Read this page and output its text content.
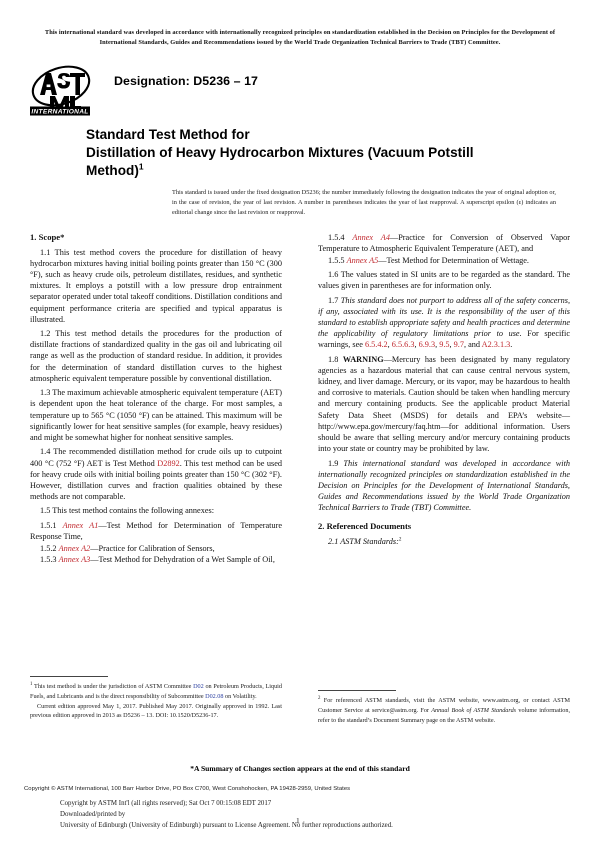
This international standard was developed in accordance with internationally recognized principles on standardization established in the Decision on Principles for the Development of International Standards, Guides and Recommendations issued by the World Trade Organization Technical Barriers to Trade (TBT) Committee.
INTERNATIONAL
Designation: D5236 – 17
Standard Test Method for
Distillation of Heavy Hydrocarbon Mixtures (Vacuum Potstill
Method)$^1$
This standard is issued under the fixed designation D5236; the number immediately following the designation indicates the year of original adoption or, in the case of revision, the year of last revision. A number in parentheses indicates the year of last reapproval. A superscript epsilon (ε) indicates an editorial change since the last revision or reapproval.
1. Scope*

1.1 This test method covers the procedure for distillation of heavy hydrocarbon mixtures having initial boiling points greater than 150 °C (300 °F), such as heavy crude oils, petroleum distillates, residues, and synthetic mixtures. It employs a potstill with a low pressure drop entrainment separator operated under total takeoff conditions. Distillation conditions and equipment performance criteria are specified and typical apparatus is illustrated.

1.2 This test method details the procedures for the production of distillate fractions of standardized quality in the gas oil and lubricating oil range as well as the production of standard residue. In addition, it provides for the determination of standard distillation curves to the highest atmospheric equivalent temperature possible by conventional distillation.

1.3 The maximum achievable atmospheric equivalent temperature (AET) is dependent upon the heat tolerance of the charge. For most samples, a temperature up to 565 °C (1050 °F) can be attained. This maximum will be significantly lower for heat sensitive samples (for example, heavy residues) and might be somewhat higher for nonheat sensitive samples.

1.4 The recommended distillation method for crude oils up to cutpoint 400 °C (752 °F) AET is Test Method D2892. This test method can be used for heavy crude oils with initial boiling points greater than 150 °C (302 °F). However, distillation curves and fraction qualities obtained by these methods are not comparable.

1.5 This test method contains the following annexes:

1.5.1 Annex A1—Test Method for Determination of Temperature Response Time,

1.5.2 Annex A2—Practice for Calibration of Sensors,

1.5.3 Annex A3—Test Method for Dehydration of a Wet Sample of Oil,

1.5.4 Annex A4—Practice for Conversion of Observed Vapor Temperature to Atmospheric Equivalent Temperature (AET), and

1.5.5 Annex A5—Test Method for Determination of Wettage.

1.6 The values stated in SI units are to be regarded as the standard. The values given in parentheses are for information only.

1.7 This standard does not purport to address all of the safety concerns, if any, associated with its use. It is the responsibility of the user of this standard to establish appropriate safety and health practices and determine the applicability of regulatory limitations prior to use. For specific warnings, see 6.5.4.2, 6.5.6.3, 6.9.3, 9.5, 9.7, and A2.3.1.3.

1.8 WARNING—Mercury has been designated by many regulatory agencies as a hazardous material that can cause central nervous system, kidney, and liver damage. Mercury, or its vapor, may be hazardous to health and corrosive to materials. Caution should be taken when handling mercury and mercury containing products. See the applicable product Material Safety Data Sheet (MSDS) for details and EPA’s website—http://www.epa.gov/mercury/faq.htm—for additional information. Users should be aware that selling mercury and/or mercury containing products into your state or country may be prohibited by law.

1.9 This international standard was developed in accordance with internationally recognized principles on standardization established in the Decision on Principles for the Development of International Standards, Guides and Recommendations issued by the World Trade Organization Technical Barriers to Trade (TBT) Committee.

2. Referenced Documents

2.1 ASTM Standards:$^2$

$^1$ This test method is under the jurisdiction of ASTM Committee D02 on Petroleum Products, Liquid Fuels, and Lubricants and is the direct responsibility of Subcommittee D02.08 on Volatility.

Current edition approved May 1, 2017. Published May 2017. Originally approved in 1992. Last previous edition approved in 2013 as D5236 – 13. DOI: 10.1520/D5236-17.

$^2$ For referenced ASTM standards, visit the ASTM website, www.astm.org, or contact ASTM Customer Service at service@astm.org. For Annual Book of ASTM Standards volume information, refer to the standard’s Document Summary page on the ASTM website.

*A Summary of Changes section appears at the end of this standard
Copyright © ASTM International, 100 Barr Harbor Drive, PO Box C700, West Conshohocken, PA 19428-2959, United States
Copyright by ASTM Int'l (all rights reserved); Sat Oct 7 00:15:08 EDT 2017
Downloaded/printed by
University of Edinburgh (University of Edinburgh) pursuant to License Agreement. No further reproductions authorized.
1
